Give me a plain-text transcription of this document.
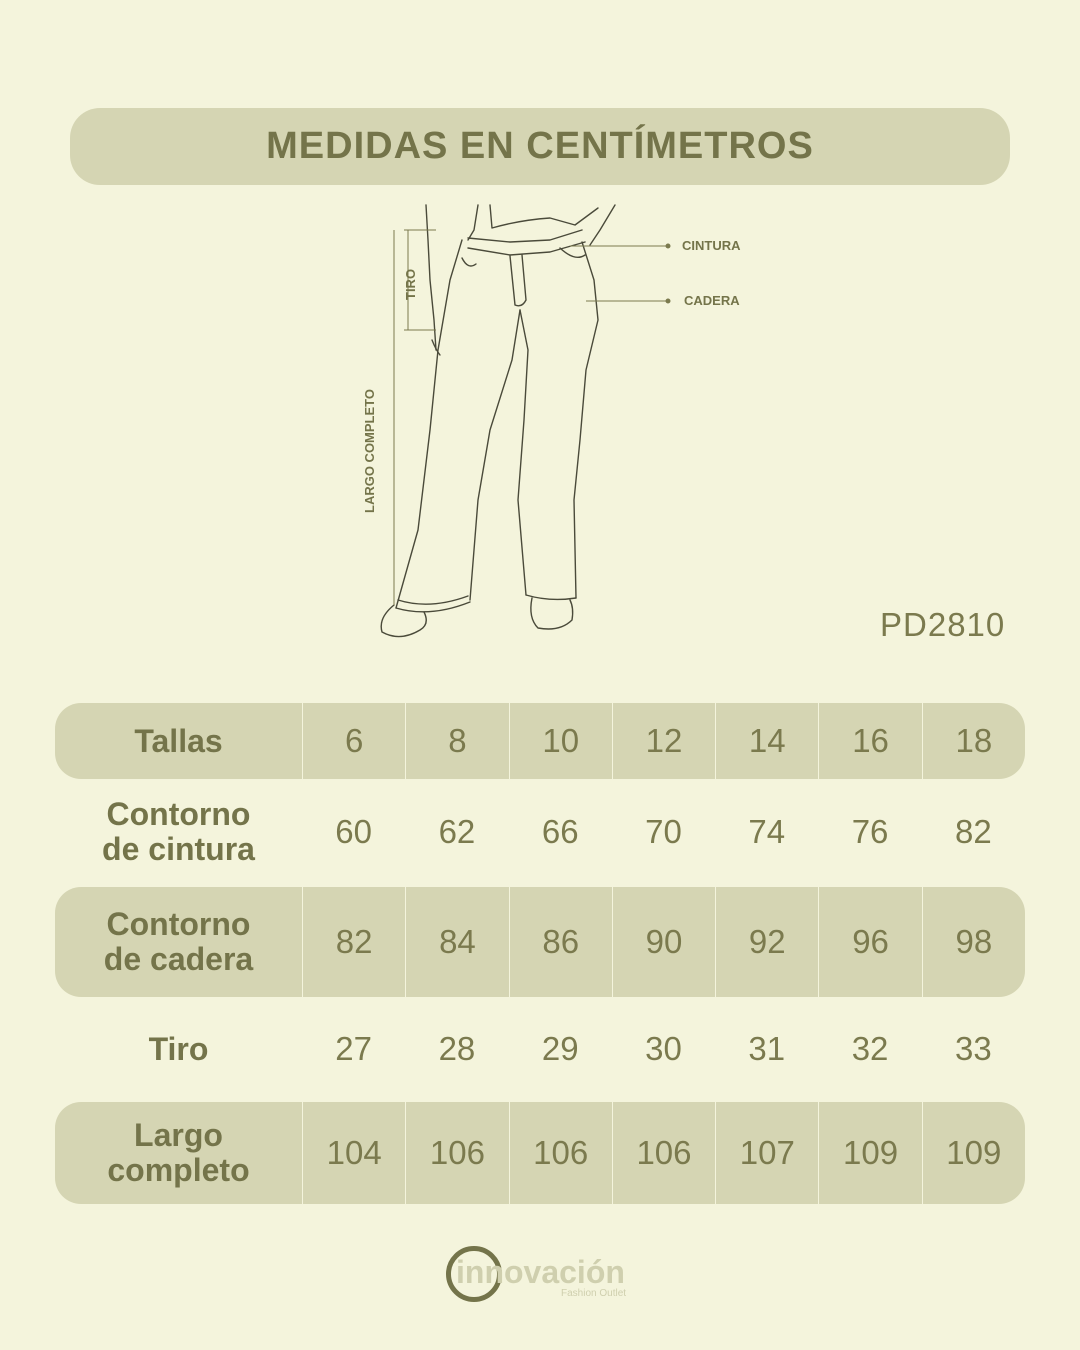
MEDIDAS EN CENTÍMETROS
CINTURA
CADERA
TIRO
LARGO COMPLETO
PD2810
Tallas	6	8	10	12	14	16	18
Contorno
de cintura	60	62	66	70	74	76	82
Contorno
de cadera	82	84	86	90	92	96	98
Tiro	27	28	29	30	31	32	33
Largo
completo	104	106	106	106	107	109	109
innovación
Fashion Outlet
